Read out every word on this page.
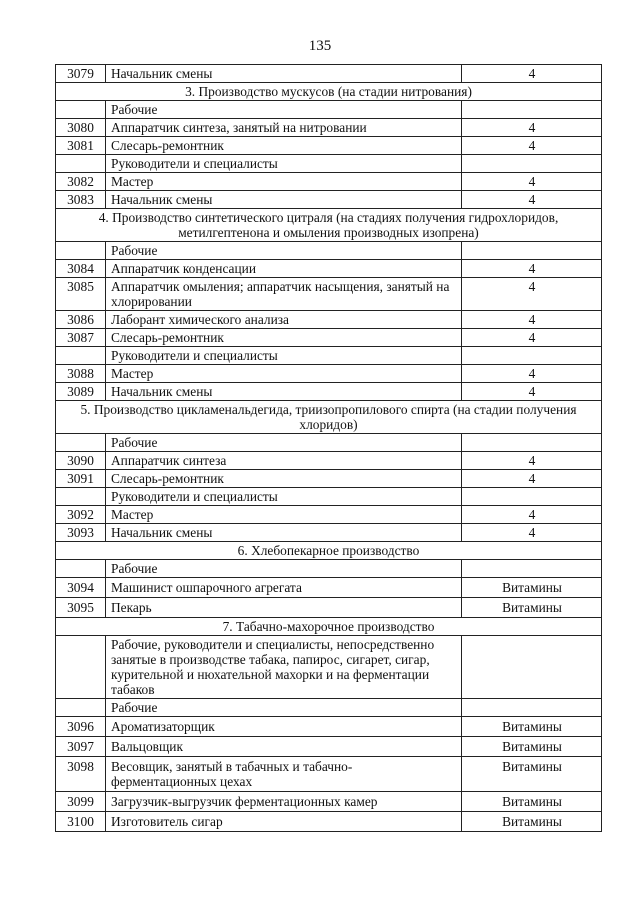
135
3079	Начальник смены	4
3. Производство мускусов (на стадии нитрования)		
	Рабочие	
3080	Аппаратчик синтеза, занятый на нитровании	4
3081	Слесарь-ремонтник	4
	Руководители и специалисты	
3082	Мастер	4
3083	Начальник смены	4
4. Производство синтетического цитраля (на стадиях получения гидрохлоридов, метилгептенона и омыления производных изопрена)		
	Рабочие	
3084	Аппаратчик конденсации	4
3085	Аппаратчик омыления; аппаратчик насыщения, занятый на хлорировании	4
3086	Лаборант химического анализа	4
3087	Слесарь-ремонтник	4
	Руководители и специалисты	
3088	Мастер	4
3089	Начальник смены	4
5. Производство цикламенальдегида, триизопропилового спирта (на стадии получения хлоридов)		
	Рабочие	
3090	Аппаратчик синтеза	4
3091	Слесарь-ремонтник	4
	Руководители и специалисты	
3092	Мастер	4
3093	Начальник смены	4
6. Хлебопекарное производство		
	Рабочие	
3094	Машинист ошпарочного агрегата	Витамины
3095	Пекарь	Витамины
7. Табачно-махорочное производство		
	Рабочие, руководители и специалисты, непосредственно занятые в производстве табака, папирос, сигарет, сигар, курительной и нюхательной махорки и на ферментации табаков	
	Рабочие	
3096	Ароматизаторщик	Витамины
3097	Вальцовщик	Витамины
3098	Весовщик, занятый в табачных и табачно-ферментационных цехах	Витамины
3099	Загрузчик-выгрузчик ферментационных камер	Витамины
3100	Изготовитель сигар	Витамины
